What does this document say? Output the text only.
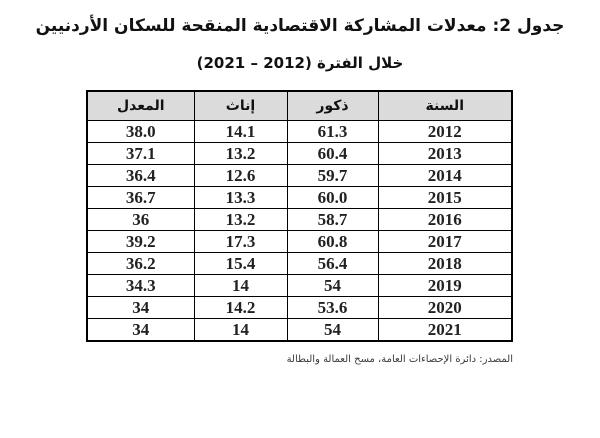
جدول 2: معدلات المشاركة الاقتصادية المنقحة للسكان الأردنيين
خلال الفترة (2012 – 2021)
السنة	ذكور	إناث	المعدل
2012	61.3	14.1	38.0
2013	60.4	13.2	37.1
2014	59.7	12.6	36.4
2015	60.0	13.3	36.7
2016	58.7	13.2	36
2017	60.8	17.3	39.2
2018	56.4	15.4	36.2
2019	54	14	34.3
2020	53.6	14.2	34
2021	54	14	34
المصدر: دائرة الإحصاءات العامة، مسح العمالة والبطالة
